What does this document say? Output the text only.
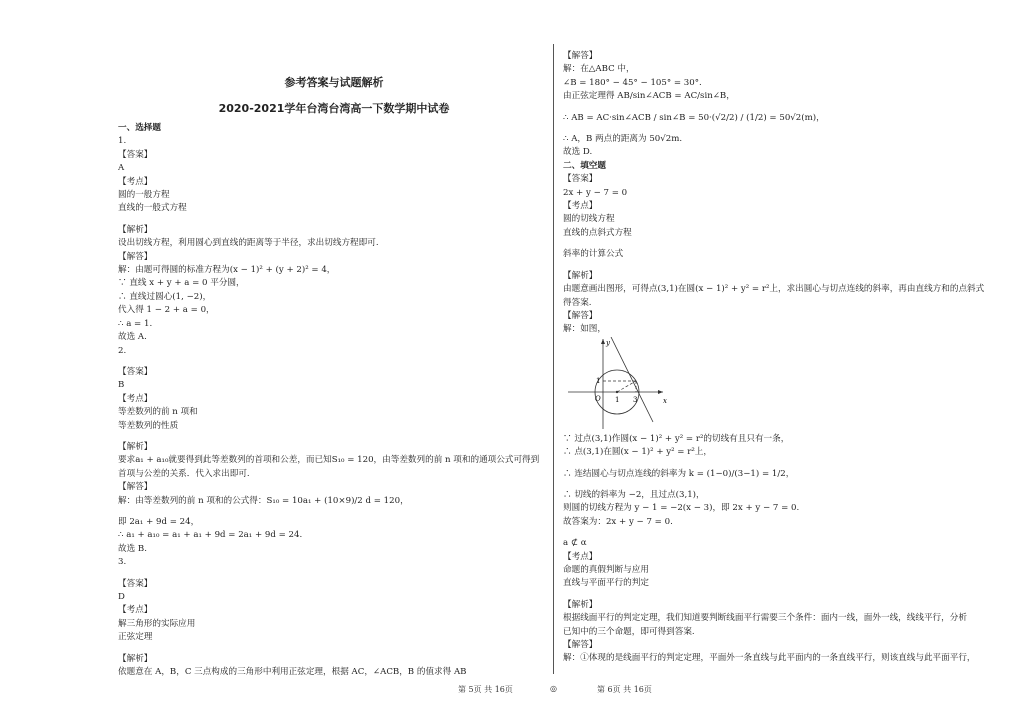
参考答案与试题解析
2020-2021学年台湾台湾高一下数学期中试卷
一、选择题
1.
【答案】
A
【考点】
圆的一般方程
直线的一般式方程
【解析】
设出切线方程，利用圆心到直线的距离等于半径，求出切线方程即可.
【解答】
解：由题可得圆的标准方程为(x − 1)² + (y + 2)² = 4，
∵ 直线 x + y + a = 0 平分圆，
∴ 直线过圆心(1, −2)，
代入得 1 − 2 + a = 0，
∴ a = 1.
故选 A.
2.
【答案】
B
【考点】
等差数列的前 n 项和
等差数列的性质
【解析】
要求a₁ + a₁₀就要得到此等差数列的首项和公差，而已知S₁₀ = 120，由等差数列的前 n 项和的通项公式可得到
首项与公差的关系．代入求出即可.
【解答】
解：由等差数列的前 n 项和的公式得：S₁₀ = 10a₁ + (10×9)/2 d = 120，
即 2a₁ + 9d = 24，
∴ a₁ + a₁₀ = a₁ + a₁ + 9d = 2a₁ + 9d = 24.
故选 B.
3.
【答案】
D
【考点】
解三角形的实际应用
正弦定理
【解析】
依题意在 A，B，C 三点构成的三角形中利用正弦定理，根据 AC，∠ACB，B 的值求得 AB
【解答】
解：在△ABC 中，
∠B = 180° − 45° − 105° = 30°.
由正弦定理得 AB/sin∠ACB = AC/sin∠B，
∴ AB = AC·sin∠ACB / sin∠B = 50·(√2/2) / (1/2) = 50√2(m)，
∴ A，B 两点的距离为 50√2m.
故选 D.
二、填空题
【答案】
2x + y − 7 = 0
【考点】
圆的切线方程
直线的点斜式方程
斜率的计算公式
【解析】
由题意画出图形，可得点(3,1)在圆(x − 1)² + y² = r²上，求出圆心与切点连线的斜率，再由直线方和的点斜式
得答案.
【解答】
解：如图，
y
x
O
1
1 3
∵ 过点(3,1)作圆(x − 1)² + y² = r²的切线有且只有一条，
∴ 点(3,1)在圆(x − 1)² + y² = r²上，
∴ 连结圆心与切点连线的斜率为 k = (1−0)/(3−1) = 1/2，
∴ 切线的斜率为 −2，且过点(3,1)，
则圆的切线方程为 y − 1 = −2(x − 3)，即 2x + y − 7 = 0.
故答案为：2x + y − 7 = 0.
a ⊄ α
【考点】
命题的真假判断与应用
直线与平面平行的判定
【解析】
根据线面平行的判定定理，我们知道要判断线面平行需要三个条件：面内一线，面外一线，线线平行，分析
已知中的三个命题，即可得到答案.
【解答】
解：①体现的是线面平行的判定定理，平面外一条直线与此平面内的一条直线平行，则该直线与此平面平行，
第 5页 共 16页	◎	第 6页 共 16页
